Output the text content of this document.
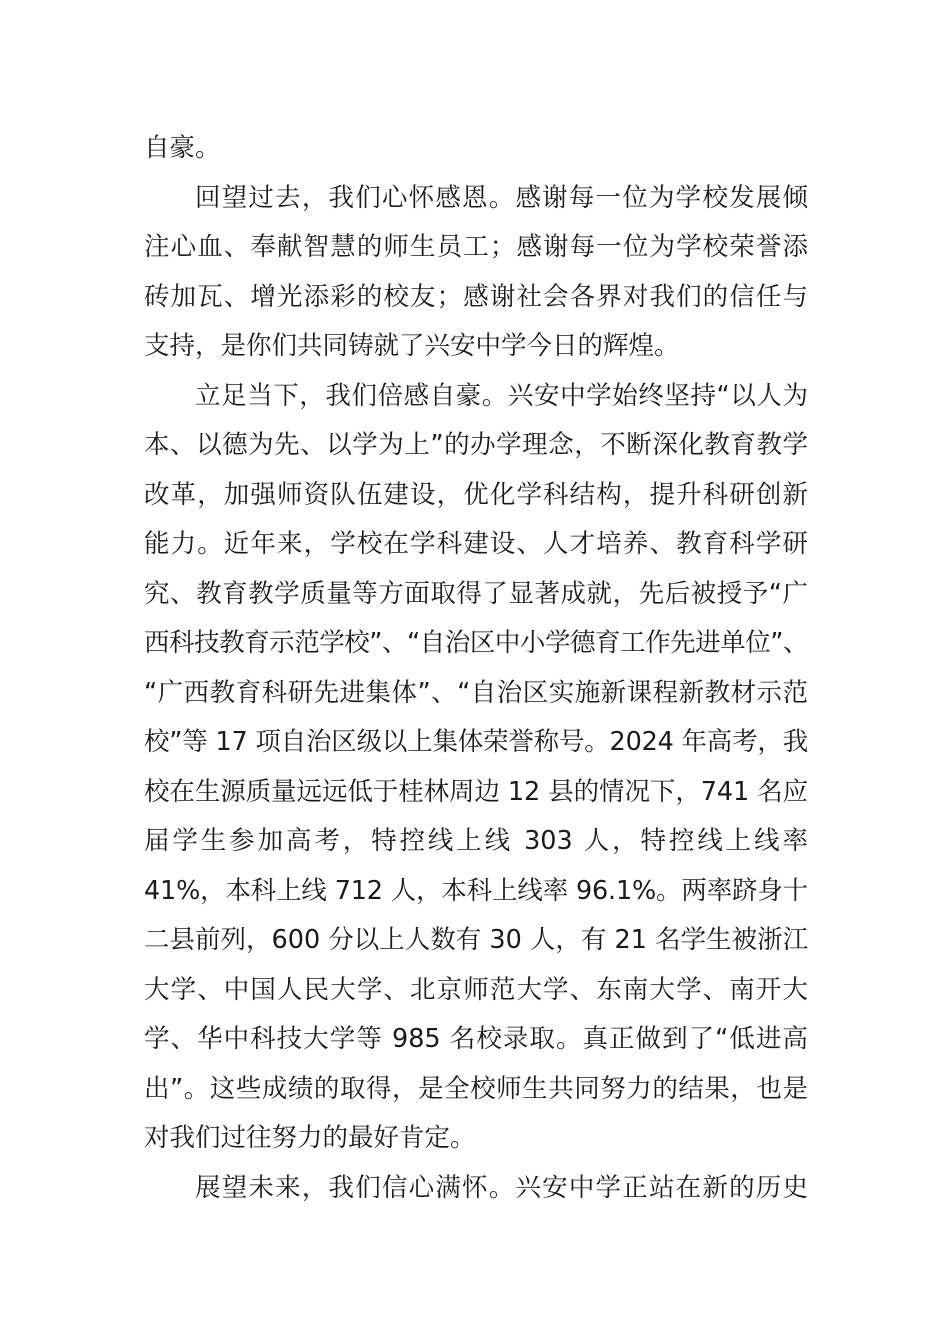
自豪。
回望过去，我们心怀感恩。感谢每一位为学校发展倾
注心血、奉献智慧的师生员工；感谢每一位为学校荣誉添
砖加瓦、增光添彩的校友；感谢社会各界对我们的信任与
支持，是你们共同铸就了兴安中学今日的辉煌。
立足当下，我们倍感自豪。兴安中学始终坚持“以人为
本、以德为先、以学为上”的办学理念，不断深化教育教学
改革，加强师资队伍建设，优化学科结构，提升科研创新
能力。近年来，学校在学科建设、人才培养、教育科学研
究、教育教学质量等方面取得了显著成就，先后被授予“广
西科技教育示范学校”、“自治区中小学德育工作先进单位”、
“广西教育科研先进集体”、“自治区实施新课程新教材示范
校”等 17 项自治区级以上集体荣誉称号。2024 年高考，我
校在生源质量远远低于桂林周边 12 县的情况下，741 名应
届学生参加高考，特控线上线 303 人，特控线上线率
41%，本科上线 712 人，本科上线率 96.1%。两率跻身十
二县前列，600 分以上人数有 30 人，有 21 名学生被浙江
大学、中国人民大学、北京师范大学、东南大学、南开大
学、华中科技大学等 985 名校录取。真正做到了“低进高
出”。这些成绩的取得，是全校师生共同努力的结果，也是
对我们过往努力的最好肯定。
展望未来，我们信心满怀。兴安中学正站在新的历史
